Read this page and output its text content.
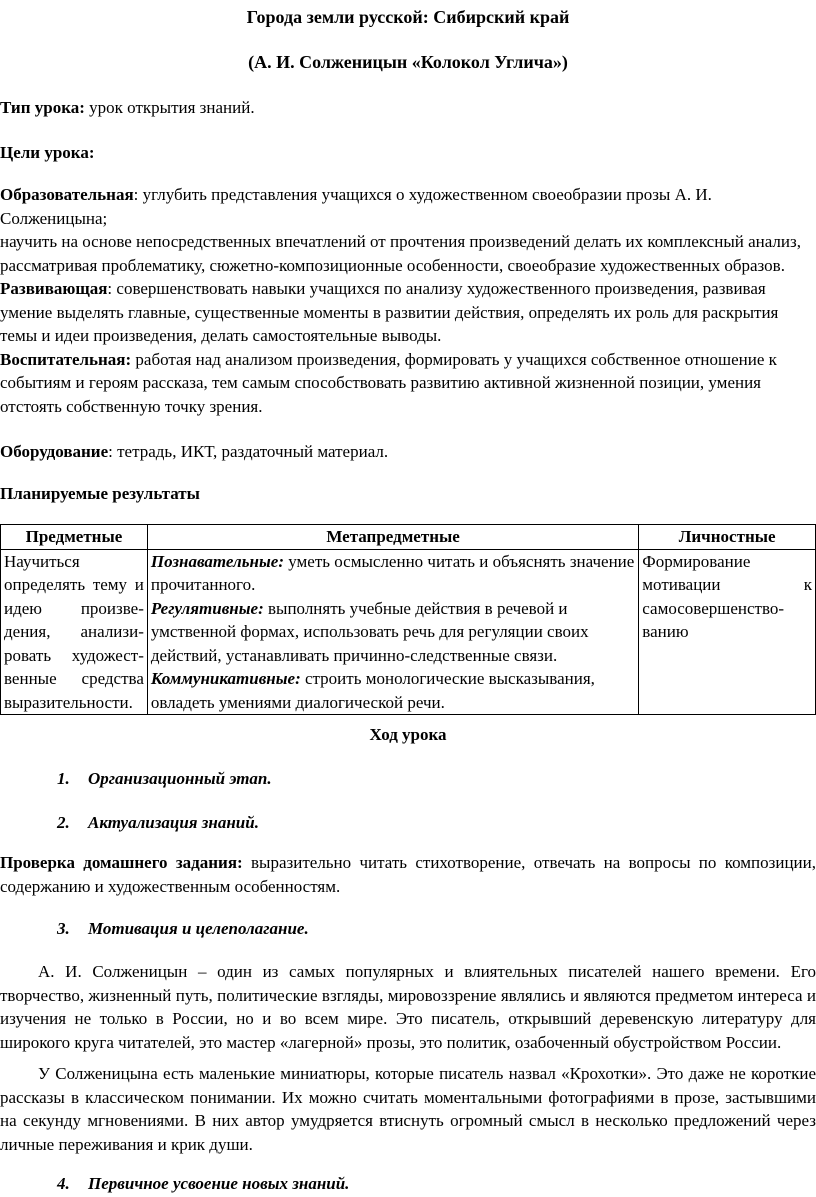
Города земли русской: Сибирский край
(А. И. Солженицын «Колокол Углича»)
Тип урока: урок открытия знаний.
Цели урока:
Образовательная: углубить представления учащихся о художественном своеобразии прозы А. И. Солженицына;
научить на основе непосредственных впечатлений от прочтения произведений делать их комплексный анализ, рассматривая проблематику, сюжетно-композиционные особенности, своеобразие художественных образов.
Развивающая: совершенствовать навыки учащихся по анализу художественного произведения, развивая умение выделять главные, существенные моменты в развитии действия, определять их роль для раскрытия темы и идеи произведения, делать самостоятельные выводы.
Воспитательная: работая над анализом произведения, формировать у учащихся собственное отношение к событиям и героям рассказа, тем самым способствовать развитию активной жизненной позиции, умения отстоять собственную точку зрения.
Оборудование: тетрадь, ИКТ, раздаточный материал.
Планируемые результаты
Предметные	Метапредметные	Личностные
Научиться определять тему и идею произве-дения, анализи-ровать художест-венные средства выразительности.	Познавательные: уметь осмысленно читать и объяснять значение прочитанного.
Регулятивные: выполнять учебные действия в речевой и умственной формах, использовать речь для регуляции своих действий, устанавливать причинно-следственные связи.
Коммуникативные: строить монологические высказывания, овладеть умениями диалогической речи.	Формирование мотивации к самосовершенство-ванию
Ход урока
1. Организационный этап.
2. Актуализация знаний.
Проверка домашнего задания: выразительно читать стихотворение, отвечать на вопросы по композиции, содержанию и художественным особенностям.
3. Мотивация и целеполагание.
А. И. Солженицын – один из самых популярных и влиятельных писателей нашего времени. Его творчество, жизненный путь, политические взгляды, мировоззрение являлись и являются предметом интереса и изучения не только в России, но и во всем мире. Это писатель, открывший деревенскую литературу для широкого круга читателей, это мастер «лагерной» прозы, это политик, озабоченный обустройством России.
У Солженицына есть маленькие миниатюры, которые писатель назвал «Крохотки». Это даже не короткие рассказы в классическом понимании. Их можно считать моментальными фотографиями в прозе, застывшими на секунду мгновениями. В них автор умудряется втиснуть огромный смысл в несколько предложений через личные переживания и крик души.
4. Первичное усвоение новых знаний.
